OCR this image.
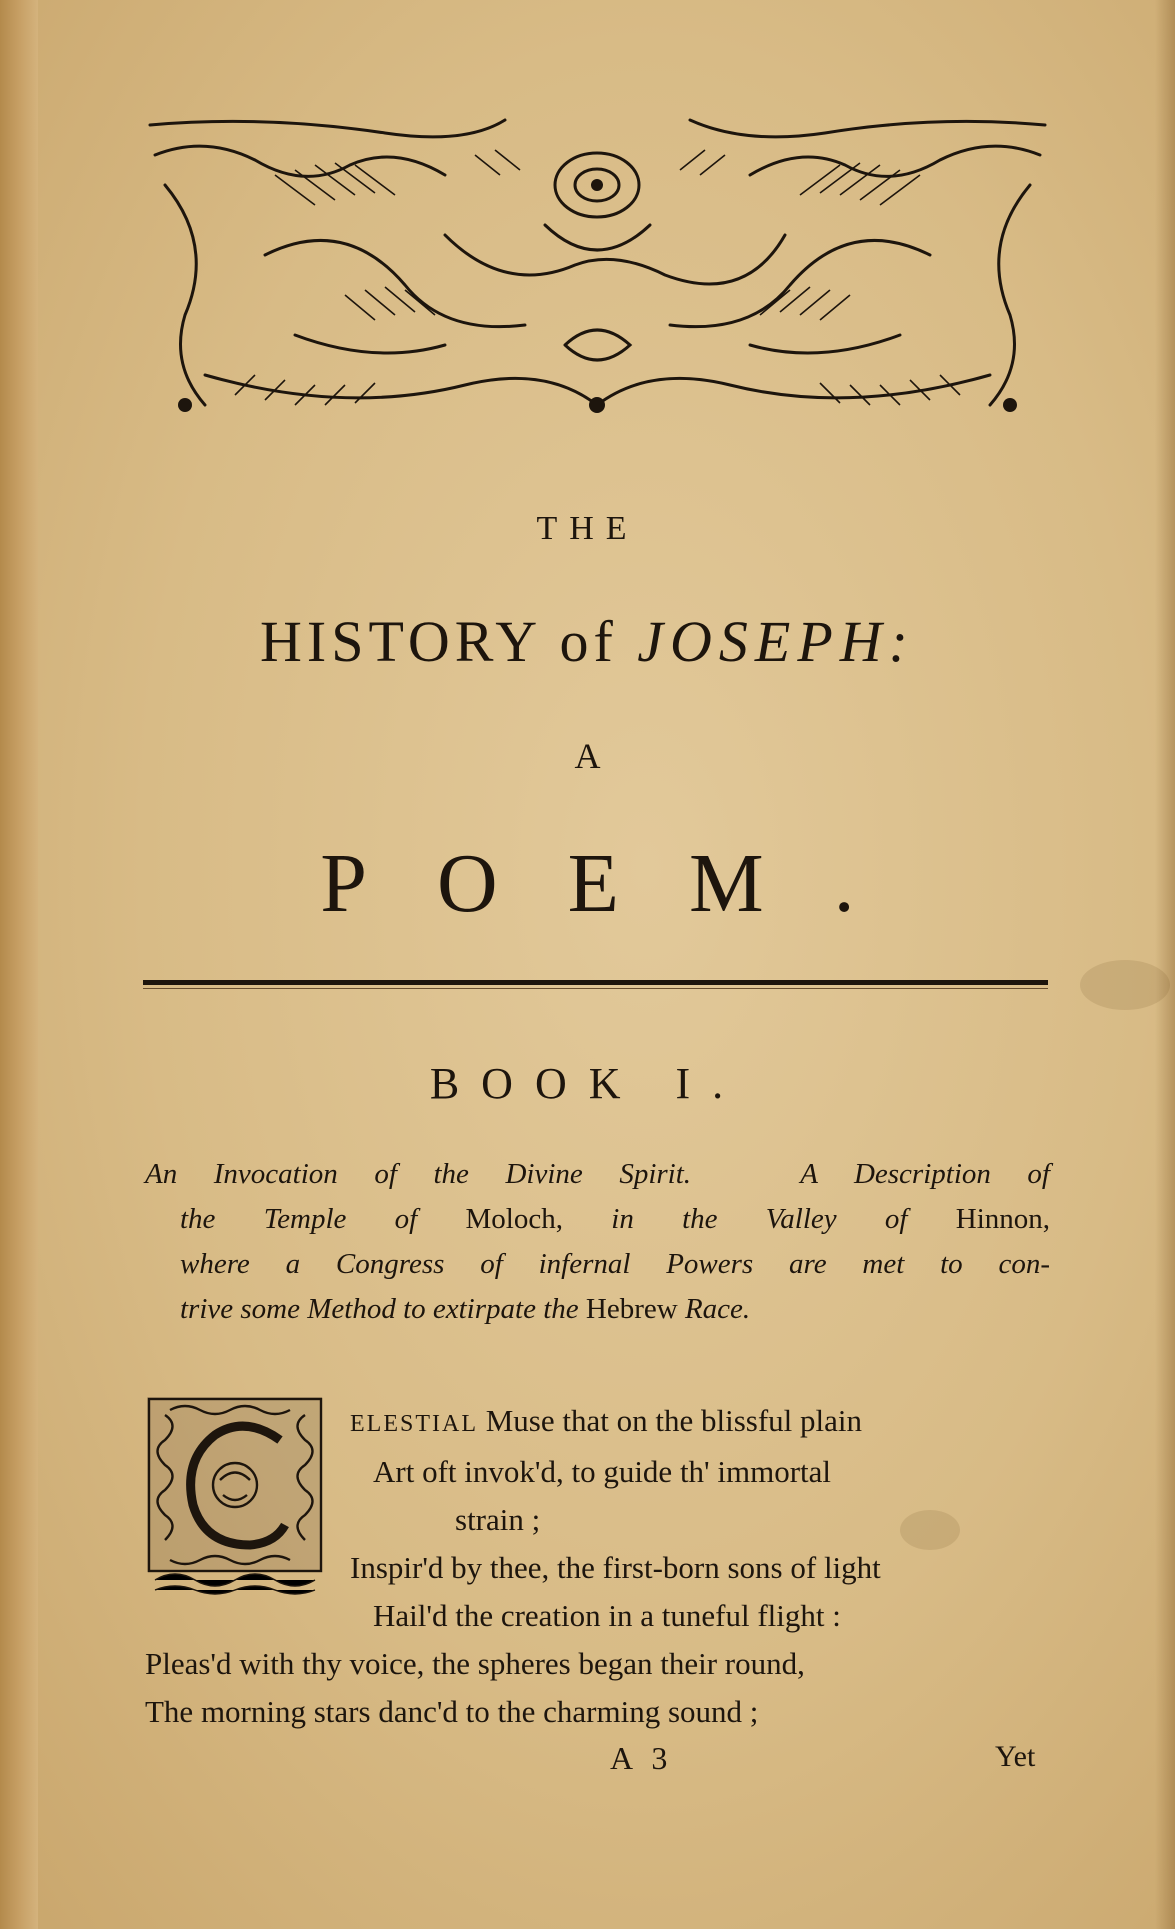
THE
HISTORY of JOSEPH:
A
POEM.
BOOK I.
An Invocation of the Divine Spirit.   A Description of
the Temple of Moloch, in the Valley of Hinnon,
where a Congress of infernal Powers are met to con-
trive some Method to extirpate the Hebrew Race.
ELESTIAL Muse that on the blissful plain
Art oft invok'd, to guide th' immortal
strain ;
Inspir'd by thee, the first-born sons of light
Hail'd the creation in a tuneful flight :
Pleas'd with thy voice, the spheres began their round,
The morning stars danc'd to the charming sound ;
A 3	Yet
